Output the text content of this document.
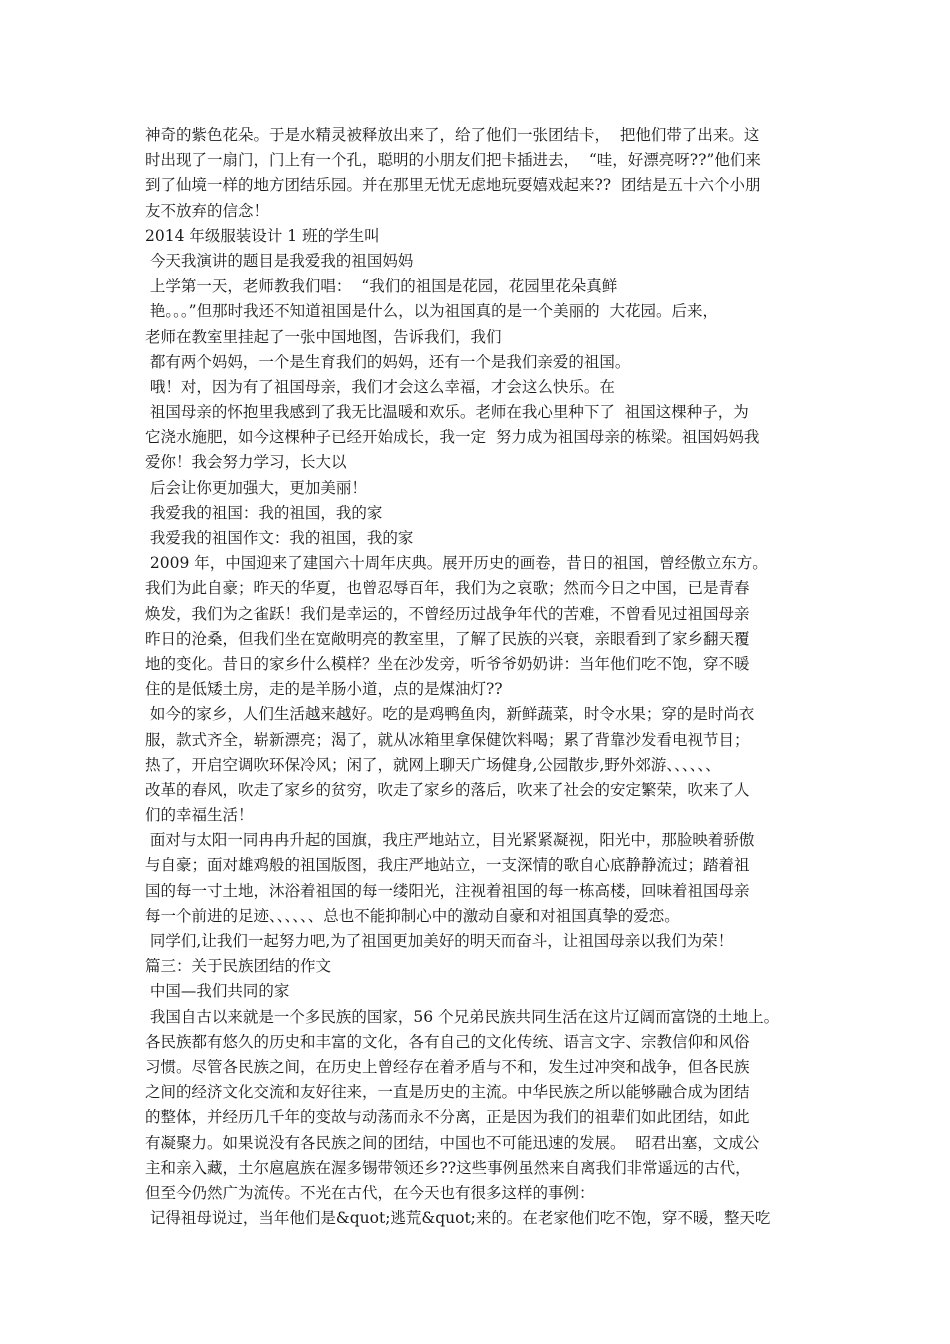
神奇的紫色花朵。于是水精灵被释放出来了，给了他们一张团结卡，  把他们带了出来。这
时出现了一扇门，门上有一个孔，聪明的小朋友们把卡插进去，  “哇，好漂亮呀??”他们来
到了仙境一样的地方团结乐园。并在那里无忧无虑地玩耍嬉戏起来??  团结是五十六个小朋
友不放弃的信念！
2014 年级服装设计 1 班的学生叫
今天我演讲的题目是我爱我的祖国妈妈
上学第一天，老师教我们唱：  “我们的祖国是花园，花园里花朵真鲜
艳。。。”但那时我还不知道祖国是什么，以为祖国真的是一个美丽的  大花园。后来，
老师在教室里挂起了一张中国地图，告诉我们，我们
都有两个妈妈，一个是生育我们的妈妈，还有一个是我们亲爱的祖国。
哦！对，因为有了祖国母亲，我们才会这么幸福，才会这么快乐。在
祖国母亲的怀抱里我感到了我无比温暖和欢乐。老师在我心里种下了  祖国这棵种子，为
它浇水施肥，如今这棵种子已经开始成长，我一定  努力成为祖国母亲的栋梁。祖国妈妈我
爱你！我会努力学习，长大以
后会让你更加强大，更加美丽！
我爱我的祖国：我的祖国，我的家
我爱我的祖国作文：我的祖国，我的家
2009 年，中国迎来了建国六十周年庆典。展开历史的画卷，昔日的祖国，曾经傲立东方。
我们为此自豪；昨天的华夏，也曾忍辱百年，我们为之哀歌；然而今日之中国，已是青春
焕发，我们为之雀跃！我们是幸运的，不曾经历过战争年代的苦难，不曾看见过祖国母亲
昨日的沧桑，但我们坐在宽敞明亮的教室里，了解了民族的兴衰，亲眼看到了家乡翻天覆
地的变化。昔日的家乡什么模样？坐在沙发旁，听爷爷奶奶讲：当年他们吃不饱，穿不暖
住的是低矮土房，走的是羊肠小道，点的是煤油灯??
如今的家乡，人们生活越来越好。吃的是鸡鸭鱼肉，新鲜蔬菜，时令水果；穿的是时尚衣
服，款式齐全，崭新漂亮；渴了，就从冰箱里拿保健饮料喝；累了背靠沙发看电视节目；
热了，开启空调吹环保冷风；闲了，就网上聊天广场健身,公园散步,野外郊游、、、、、、
改革的春风，吹走了家乡的贫穷，吹走了家乡的落后，吹来了社会的安定繁荣，吹来了人
们的幸福生活！
面对与太阳一同冉冉升起的国旗，我庄严地站立，目光紧紧凝视，阳光中，那脸映着骄傲
与自豪；面对雄鸡般的祖国版图，我庄严地站立，一支深情的歌自心底静静流过；踏着祖
国的每一寸土地，沐浴着祖国的每一缕阳光，注视着祖国的每一栋高楼，回味着祖国母亲
每一个前进的足迹、、、、、、总也不能抑制心中的激动自豪和对祖国真挚的爱恋。
同学们,让我们一起努力吧,为了祖国更加美好的明天而奋斗，让祖国母亲以我们为荣！
篇三：关于民族团结的作文
中国—我们共同的家
我国自古以来就是一个多民族的国家，56 个兄弟民族共同生活在这片辽阔而富饶的土地上。
各民族都有悠久的历史和丰富的文化，各有自己的文化传统、语言文字、宗教信仰和风俗
习惯。尽管各民族之间，在历史上曾经存在着矛盾与不和，发生过冲突和战争，但各民族
之间的经济文化交流和友好往来，一直是历史的主流。中华民族之所以能够融合成为团结
的整体，并经历几千年的变故与动荡而永不分离，正是因为我们的祖辈们如此团结，如此
有凝聚力。如果说没有各民族之间的团结，中国也不可能迅速的发展。  昭君出塞，文成公
主和亲入藏，土尔扈扈族在渥多锡带领还乡??这些事例虽然来自离我们非常遥远的古代，
但至今仍然广为流传。不光在古代，在今天也有很多这样的事例：
记得祖母说过，当年他们是&quot;逃荒&quot;来的。在老家他们吃不饱，穿不暖，整天吃
